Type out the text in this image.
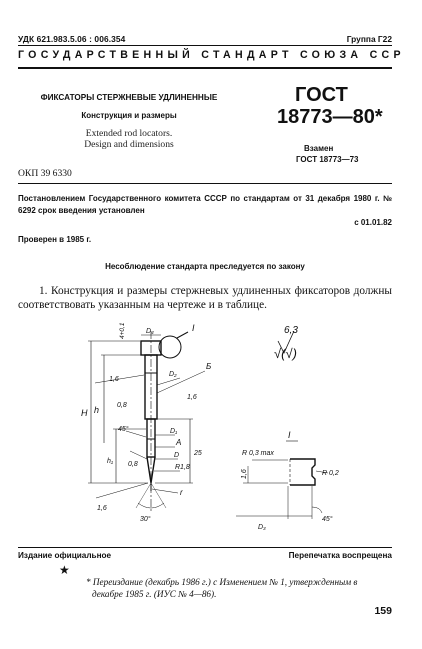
УДК 621.983.5.06 : 006.354	Группа Г22
ГОСУДАРСТВЕННЫЙ СТАНДАРТ СОЮЗА ССР
ФИКСАТОРЫ СТЕРЖНЕВЫЕ УДЛИНЕННЫЕ
Конструкция и размеры
Extended rod locators.
Design and dimensions
ГОСТ
18773—80*
Взамен
ГОСТ 18773—73
ОКП 39 6330
Постановлением Государственного комитета СССР по стандартам от 31 декабря 1980 г. № 6292 срок введения установлен
с 01.01.82
Проверен в 1985 г.
Несоблюдение стандарта преследуется по закону
1. Конструкция и размеры стержневых удлиненных фиксаторов должны соответствовать указанным на чертеже и в таблице.
6,3
√(√)
4+0,1	D₄	I
1,6
D₂
Б
1,6
0,8
H h
45°	D₁
A
h₁ 0,8
D
R1,8
25
r
1,6
30°
I
R 0,3 max
1,6	R 0,2
D₃
45°
Издание официальное	Перепечатка воспрещена
★
* Переиздание (декабрь 1986 г.) с Изменением № 1, утвержденным в декабре 1985 г. (ИУС № 4—86).
159
